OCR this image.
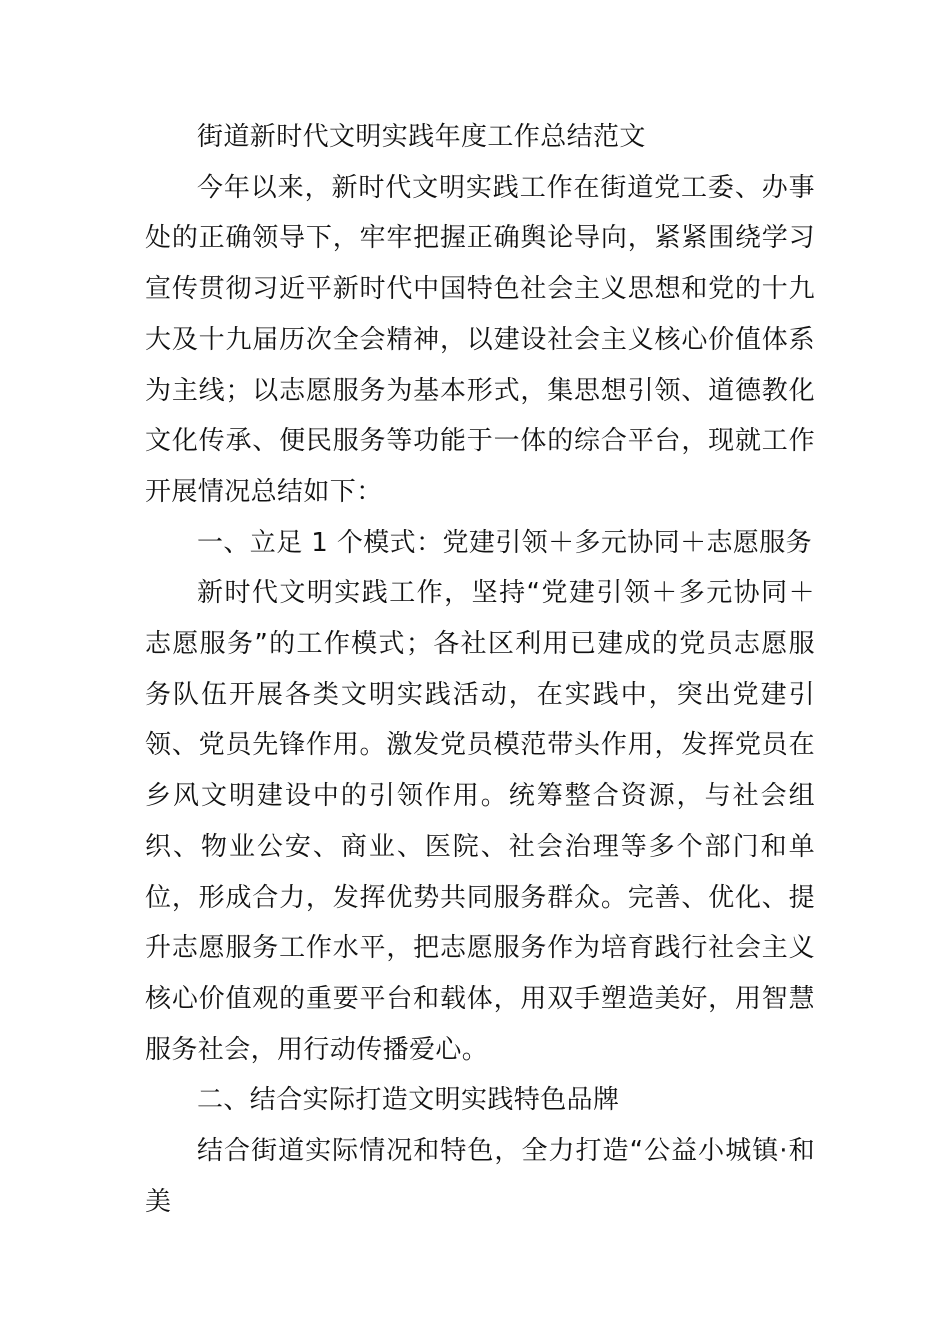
街道新时代文明实践年度工作总结范文

今年以来，新时代文明实践工作在街道党工委、办事处的正确领导下，牢牢把握正确舆论导向，紧紧围绕学习宣传贯彻习近平新时代中国特色社会主义思想和党的十九大及十九届历次全会精神，以建设社会主义核心价值体系为主线；以志愿服务为基本形式，集思想引领、道德教化文化传承、便民服务等功能于一体的综合平台，现就工作开展情况总结如下：

一、立足 1 个模式：党建引领＋多元协同＋志愿服务

新时代文明实践工作，坚持“党建引领＋多元协同＋志愿服务”的工作模式；各社区利用已建成的党员志愿服务队伍开展各类文明实践活动，在实践中，突出党建引领、党员先锋作用。激发党员模范带头作用，发挥党员在乡风文明建设中的引领作用。统筹整合资源，与社会组织、物业公安、商业、医院、社会治理等多个部门和单位，形成合力，发挥优势共同服务群众。完善、优化、提升志愿服务工作水平，把志愿服务作为培育践行社会主义核心价值观的重要平台和载体，用双手塑造美好，用智慧服务社会，用行动传播爱心。

二、结合实际打造文明实践特色品牌

结合街道实际情况和特色，全力打造“公益小城镇·和美
